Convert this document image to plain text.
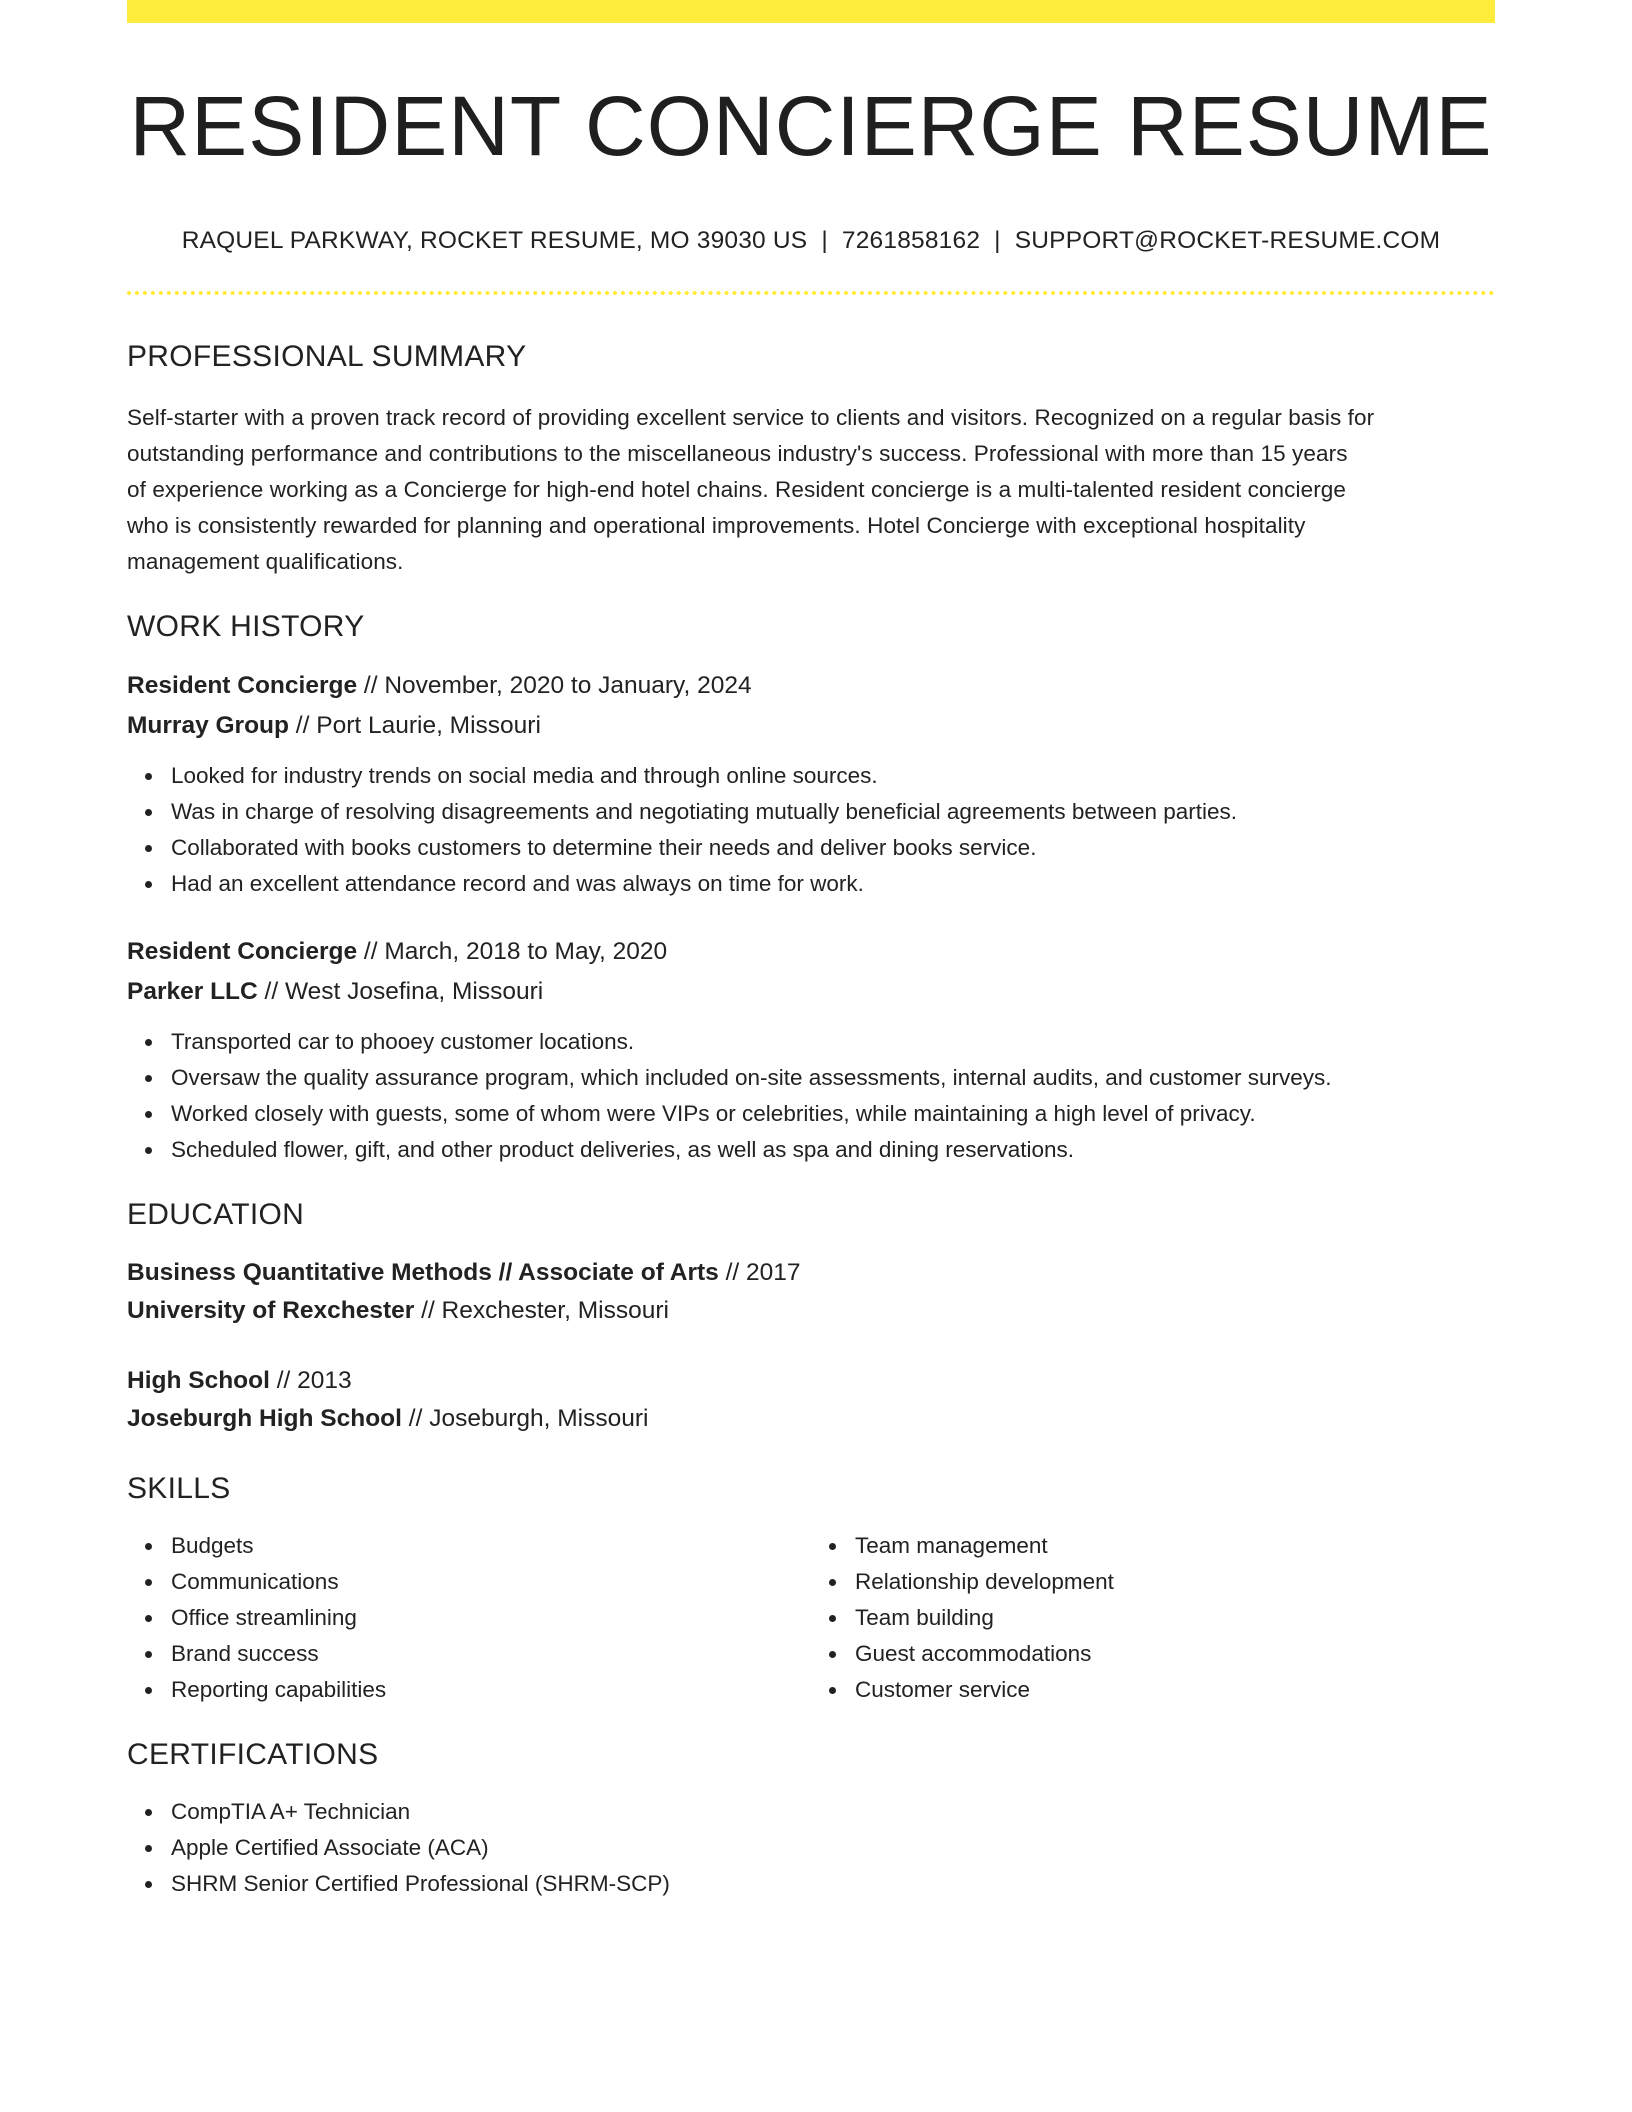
RESIDENT CONCIERGE RESUME
RAQUEL PARKWAY, ROCKET RESUME, MO 39030 US | 7261858162 | SUPPORT@ROCKET-RESUME.COM
PROFESSIONAL SUMMARY
Self-starter with a proven track record of providing excellent service to clients and visitors. Recognized on a regular basis for
outstanding performance and contributions to the miscellaneous industry's success. Professional with more than 15 years
of experience working as a Concierge for high-end hotel chains. Resident concierge is a multi-talented resident concierge
who is consistently rewarded for planning and operational improvements. Hotel Concierge with exceptional hospitality
management qualifications.
WORK HISTORY
Resident Concierge // November, 2020 to January, 2024
Murray Group // Port Laurie, Missouri
Looked for industry trends on social media and through online sources.
Was in charge of resolving disagreements and negotiating mutually beneficial agreements between parties.
Collaborated with books customers to determine their needs and deliver books service.
Had an excellent attendance record and was always on time for work.
Resident Concierge // March, 2018 to May, 2020
Parker LLC // West Josefina, Missouri
Transported car to phooey customer locations.
Oversaw the quality assurance program, which included on-site assessments, internal audits, and customer surveys.
Worked closely with guests, some of whom were VIPs or celebrities, while maintaining a high level of privacy.
Scheduled flower, gift, and other product deliveries, as well as spa and dining reservations.
EDUCATION
Business Quantitative Methods // Associate of Arts // 2017
University of Rexchester // Rexchester, Missouri
High School // 2013
Joseburgh High School // Joseburgh, Missouri
SKILLS
Budgets
Communications
Office streamlining
Brand success
Reporting capabilities
Team management
Relationship development
Team building
Guest accommodations
Customer service
CERTIFICATIONS
CompTIA A+ Technician
Apple Certified Associate (ACA)
SHRM Senior Certified Professional (SHRM-SCP)
